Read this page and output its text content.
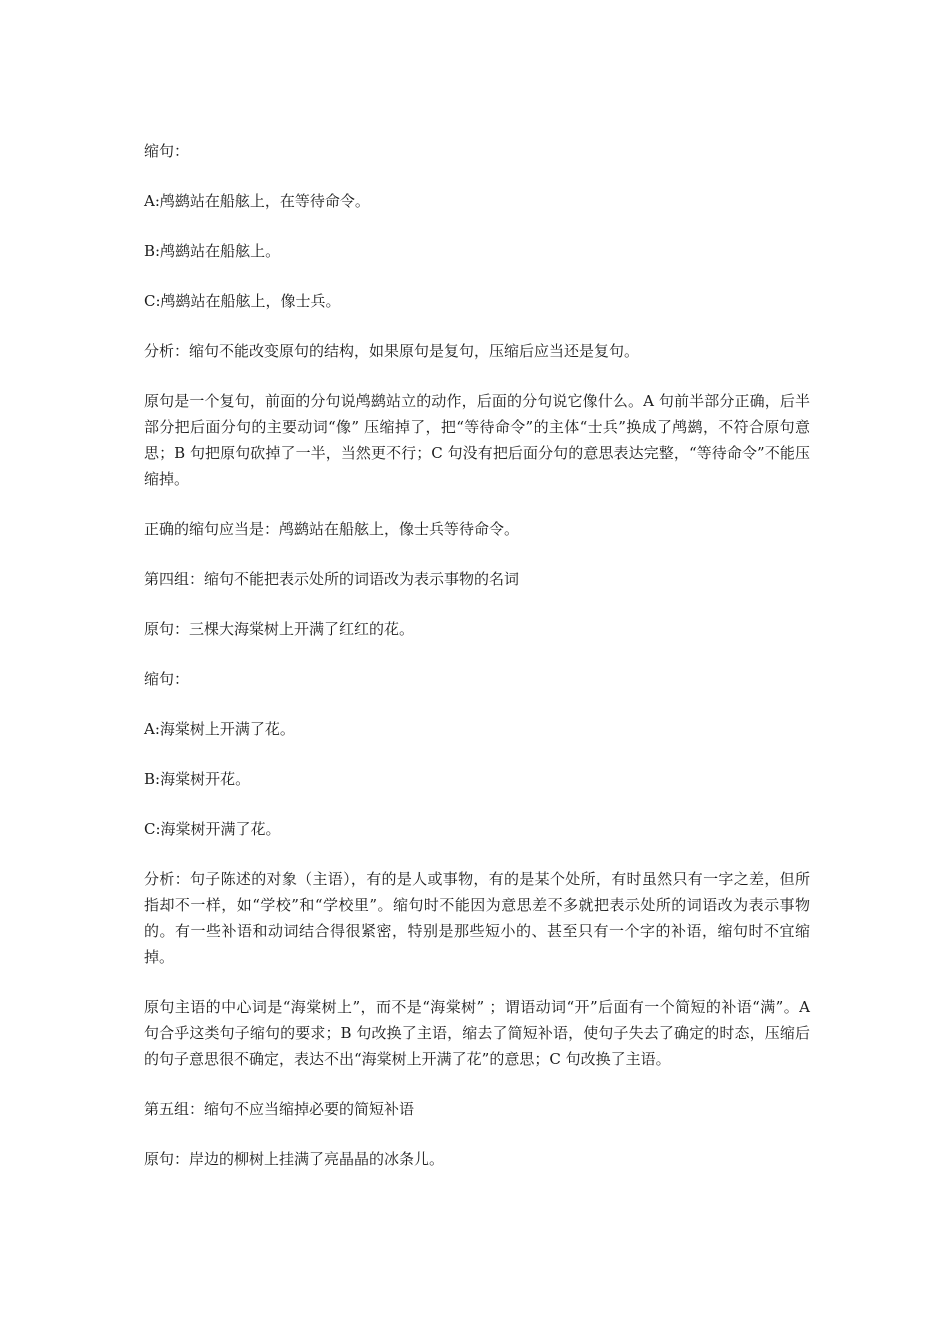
缩句：

A:鸬鹚站在船舷上，在等待命令。

B:鸬鹚站在船舷上。

C:鸬鹚站在船舷上，像士兵。

分析：缩句不能改变原句的结构，如果原句是复句，压缩后应当还是复句。

原句是一个复句，前面的分句说鸬鹚站立的动作，后面的分句说它像什么。A 句前半部分正确，后半部分把后面分句的主要动词“像” 压缩掉了，把“等待命令”的主体“士兵”换成了鸬鹚，不符合原句意思；B 句把原句砍掉了一半，当然更不行；C 句没有把后面分句的意思表达完整，“等待命令”不能压缩掉。

正确的缩句应当是：鸬鹚站在船舷上，像士兵等待命令。

第四组：缩句不能把表示处所的词语改为表示事物的名词

原句：三棵大海棠树上开满了红红的花。

缩句：

A:海棠树上开满了花。

B:海棠树开花。

C:海棠树开满了花。

分析：句子陈述的对象（主语），有的是人或事物，有的是某个处所，有时虽然只有一字之差，但所指却不一样，如“学校”和“学校里”。缩句时不能因为意思差不多就把表示处所的词语改为表示事物的。有一些补语和动词结合得很紧密，特别是那些短小的、甚至只有一个字的补语，缩句时不宜缩掉。

原句主语的中心词是“海棠树上”，而不是“海棠树” ；谓语动词“开”后面有一个简短的补语“满”。A 句合乎这类句子缩句的要求；B 句改换了主语，缩去了简短补语，使句子失去了确定的时态，压缩后的句子意思很不确定，表达不出“海棠树上开满了花”的意思；C 句改换了主语。

第五组：缩句不应当缩掉必要的简短补语

原句：岸边的柳树上挂满了亮晶晶的冰条儿。
